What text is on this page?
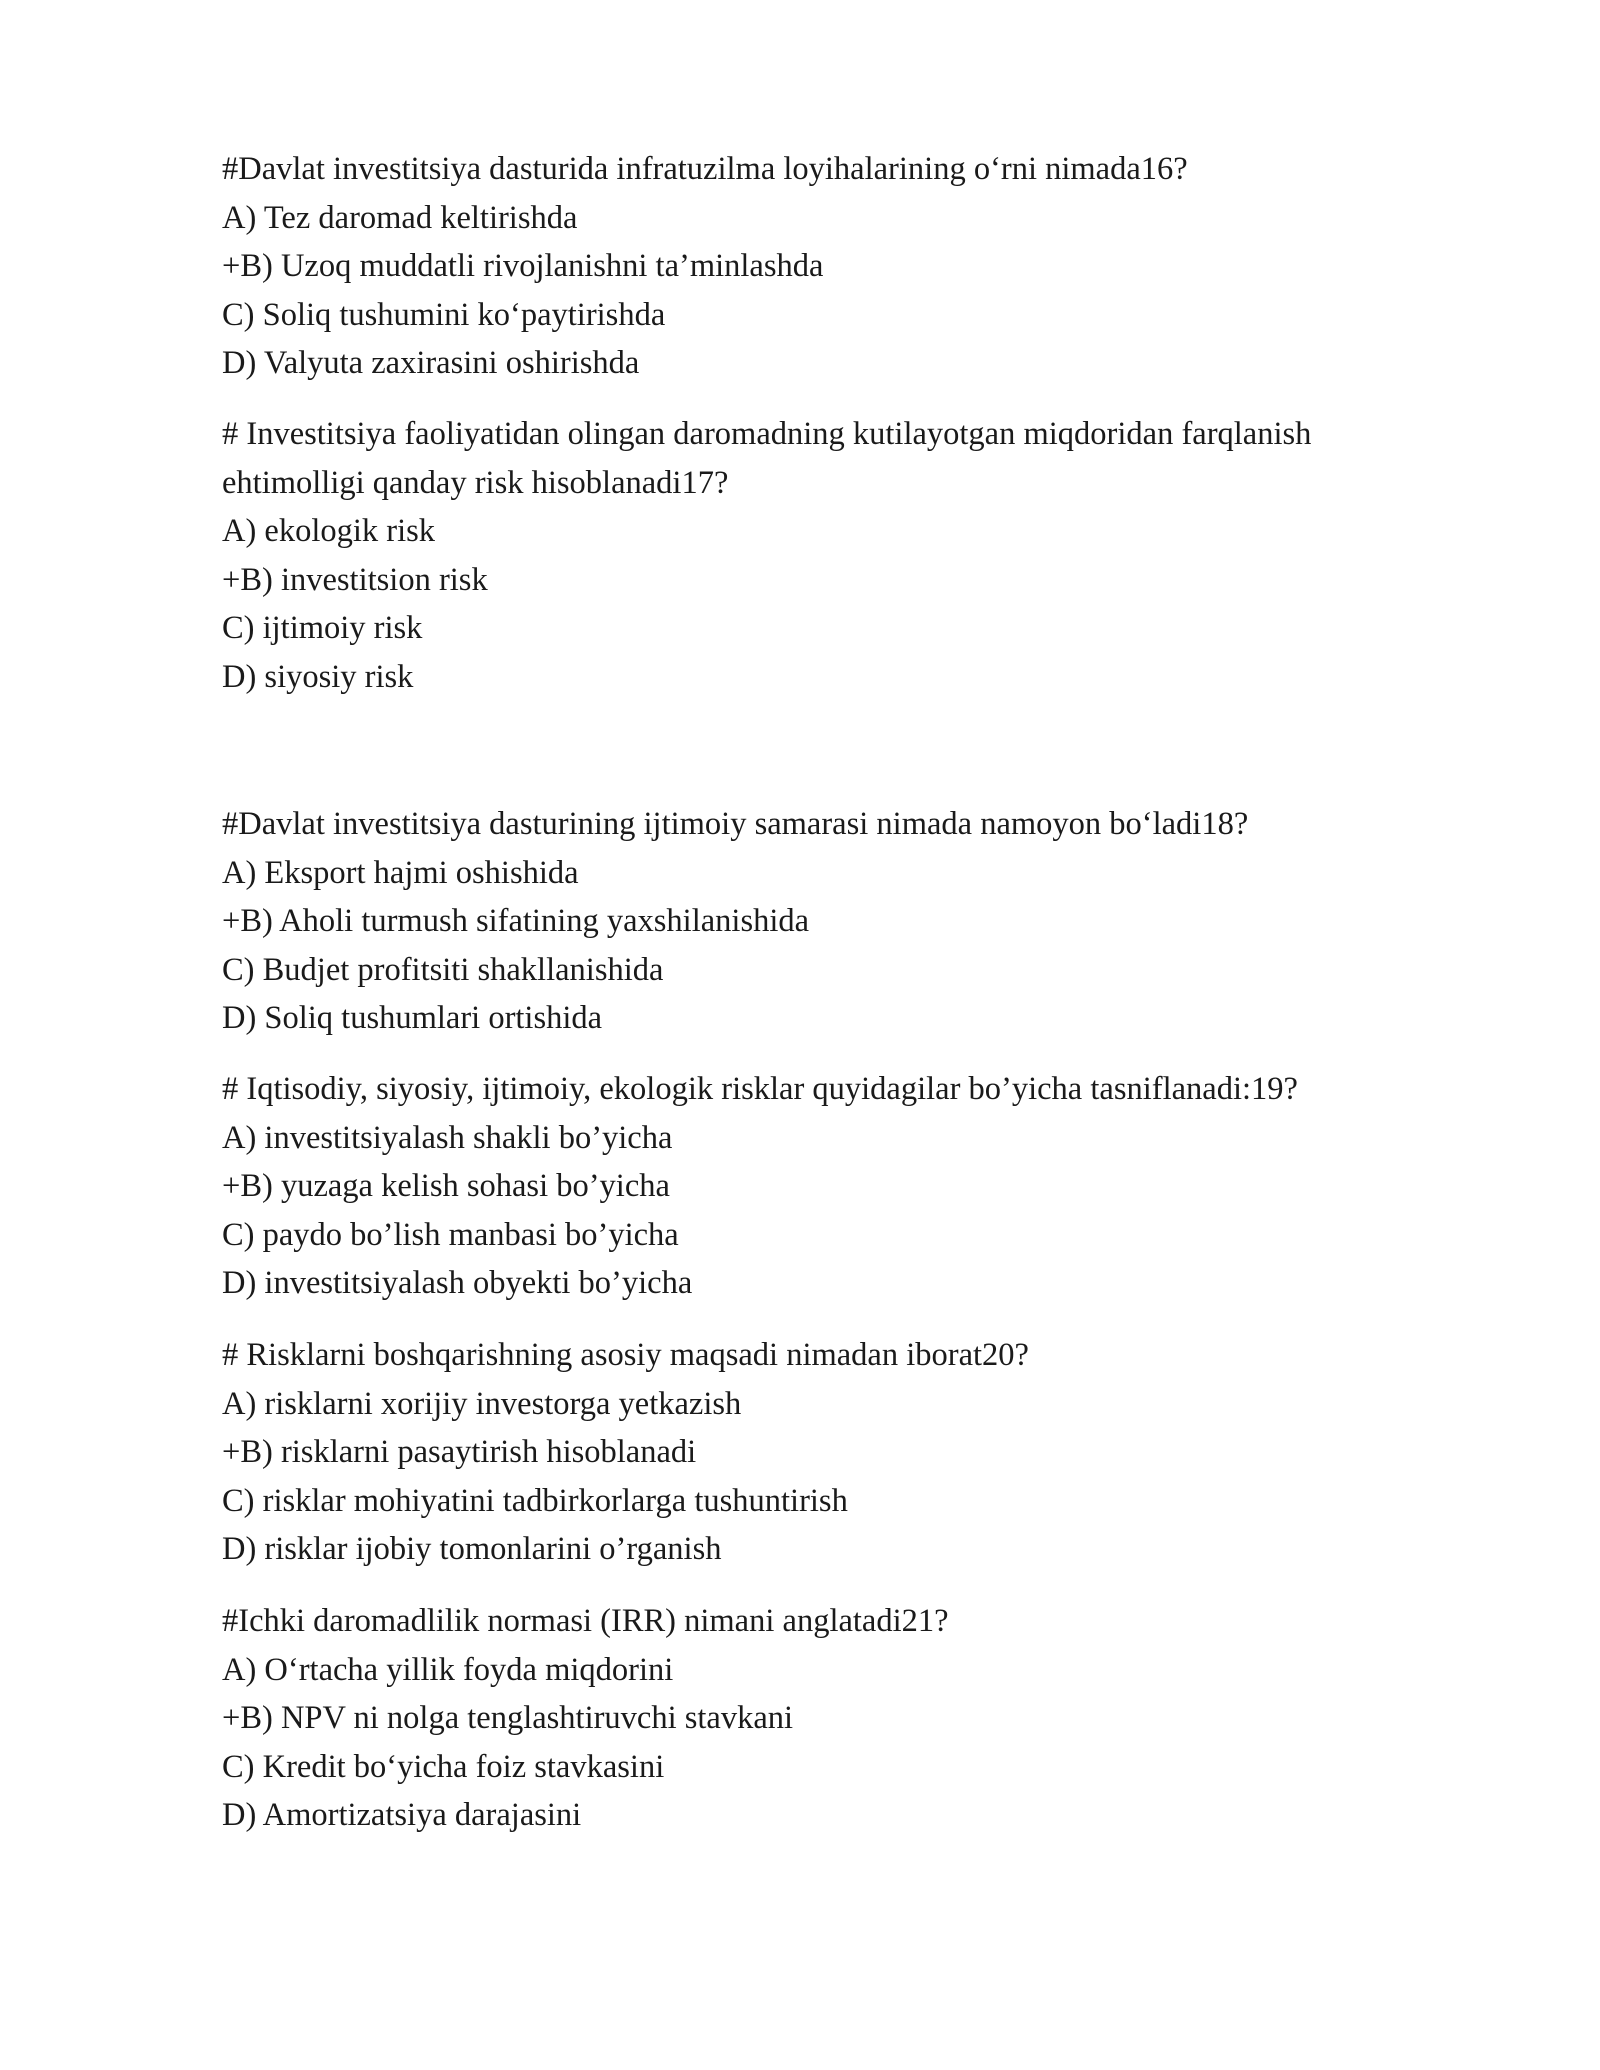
#Davlat investitsiya dasturida infratuzilma loyihalarining o‘rni nimada16?
A) Tez daromad keltirishda
+B) Uzoq muddatli rivojlanishni ta’minlashda
C) Soliq tushumini ko‘paytirishda
D) Valyuta zaxirasini oshirishda
# Investitsiya faoliyatidan olingan daromadning kutilayotgan miqdoridan farqlanish ehtimolligi qanday risk hisoblanadi17?
A) ekologik risk
+B) investitsion risk
C) ijtimoiy risk
D) siyosiy risk
#Davlat investitsiya dasturining ijtimoiy samarasi nimada namoyon bo‘ladi18?
A) Eksport hajmi oshishida
+B) Aholi turmush sifatining yaxshilanishida
C) Budjet profitsiti shakllanishida
D) Soliq tushumlari ortishida
# Iqtisodiy, siyosiy, ijtimoiy, ekologik risklar quyidagilar bo’yicha tasniflanadi:19?
A) investitsiyalash shakli bo’yicha
+B) yuzaga kelish sohasi bo’yicha
C) paydo bo’lish manbasi bo’yicha
D) investitsiyalash obyekti bo’yicha
# Risklarni boshqarishning asosiy maqsadi nimadan iborat20?
A) risklarni xorijiy investorga yetkazish
+B) risklarni pasaytirish hisoblanadi
C) risklar mohiyatini tadbirkorlarga tushuntirish
D) risklar ijobiy tomonlarini o’rganish
#Ichki daromadlilik normasi (IRR) nimani anglatadi21?
A) O‘rtacha yillik foyda miqdorini
+B) NPV ni nolga tenglashtiruvchi stavkani
C) Kredit bo‘yicha foiz stavkasini
D) Amortizatsiya darajasini
